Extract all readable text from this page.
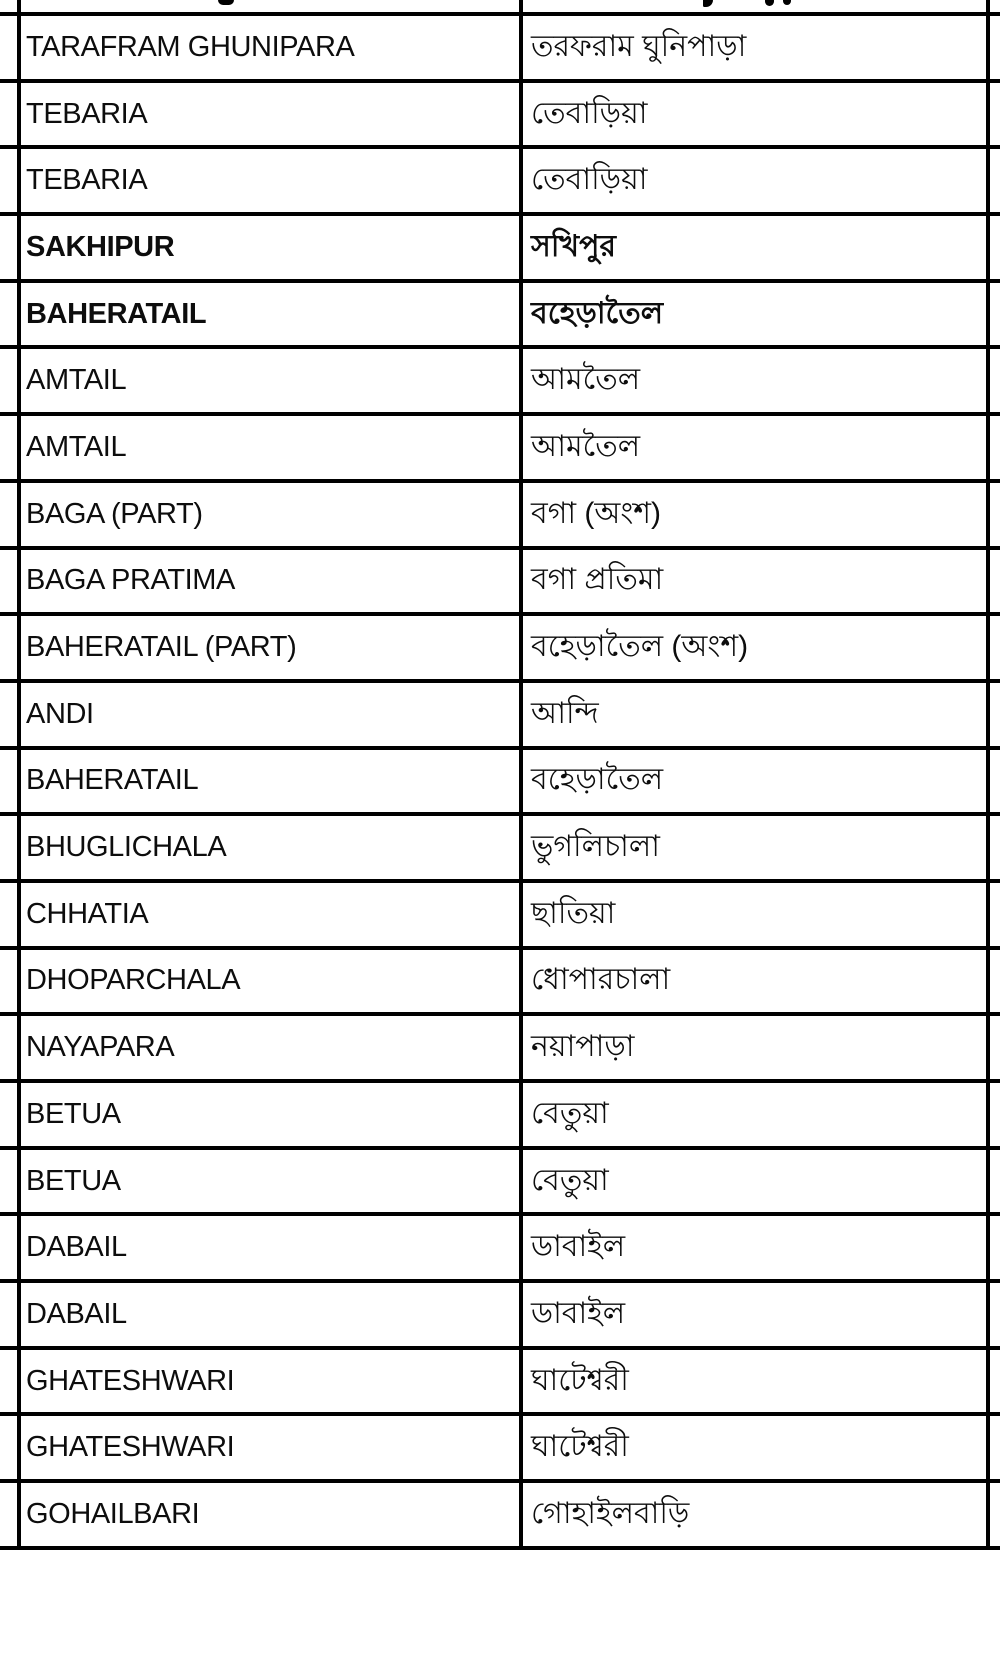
TARAFRAM GHUNIPARA	তরফরাম ঘুনিপাড়া
TEBARIA	তেবাড়িয়া
TEBARIA	তেবাড়িয়া
SAKHIPUR	সখিপুর
BAHERATAIL	বহেড়াতৈল
AMTAIL	আমতৈল
AMTAIL	আমতৈল
BAGA (PART)	বগা (অংশ)
BAGA PRATIMA	বগা প্রতিমা
BAHERATAIL (PART)	বহেড়াতৈল (অংশ)
ANDI	আন্দি
BAHERATAIL	বহেড়াতৈল
BHUGLICHALA	ভুগলিচালা
CHHATIA	ছাতিয়া
DHOPARCHALA	ধোপারচালা
NAYAPARA	নয়াপাড়া
BETUA	বেতুয়া
BETUA	বেতুয়া
DABAIL	ডাবাইল
DABAIL	ডাবাইল
GHATESHWARI	ঘাটেশ্বরী
GHATESHWARI	ঘাটেশ্বরী
GOHAILBARI	গোহাইলবাড়ি
